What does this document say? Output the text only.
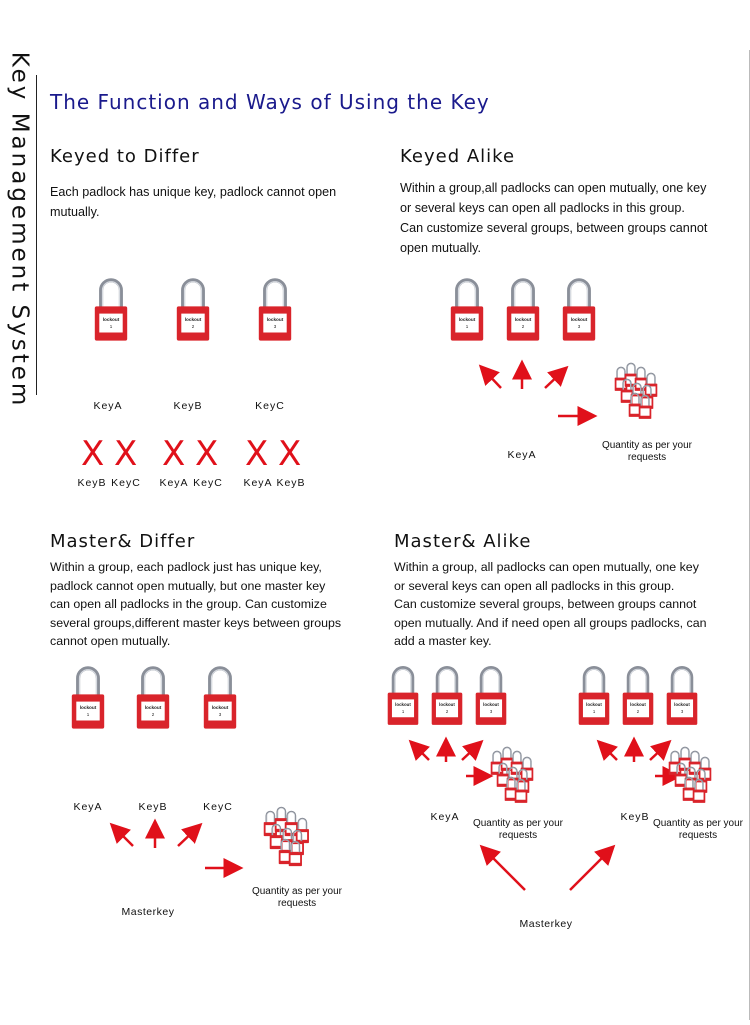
Key Management System The Function and Ways of Using the Key
Keyed to Differ
Each padlock has unique key, padlock cannot open mutually.
lockout
1
lockout
2
lockout
3
KeyA	KeyB	KeyC
X X X X X X
KeyB KeyC	KeyA KeyC	KeyA KeyB
Keyed Alike
Within a group,all padlocks can open mutually, one key
or several keys can open all padlocks in this group.
Can customize several groups, between groups cannot
open mutually.
lockout
1
lockout
2
lockout
3
KeyA
Quantity as per your requests
Master& Differ
Within a group, each padlock just has unique key,
padlock cannot open mutually, but one master key
can open all padlocks in the group. Can customize
several groups,different master keys between groups
cannot open mutually.
lockout
1
lockout
2
lockout
3
KeyA	KeyB	KeyC
Quantity as per your requests
Masterkey
Master& Alike
Within a group, all padlocks can open mutually, one key
or several keys can open all padlocks in this group.
Can customize several groups, between groups cannot
open mutually. And if need open all groups padlocks, can
add a master key.
lockout
1
lockout
2
lockout
3
lockout
1
lockout
2
lockout
3
KeyA	KeyB
Quantity as per your requests
Quantity as per your requests
Masterkey
